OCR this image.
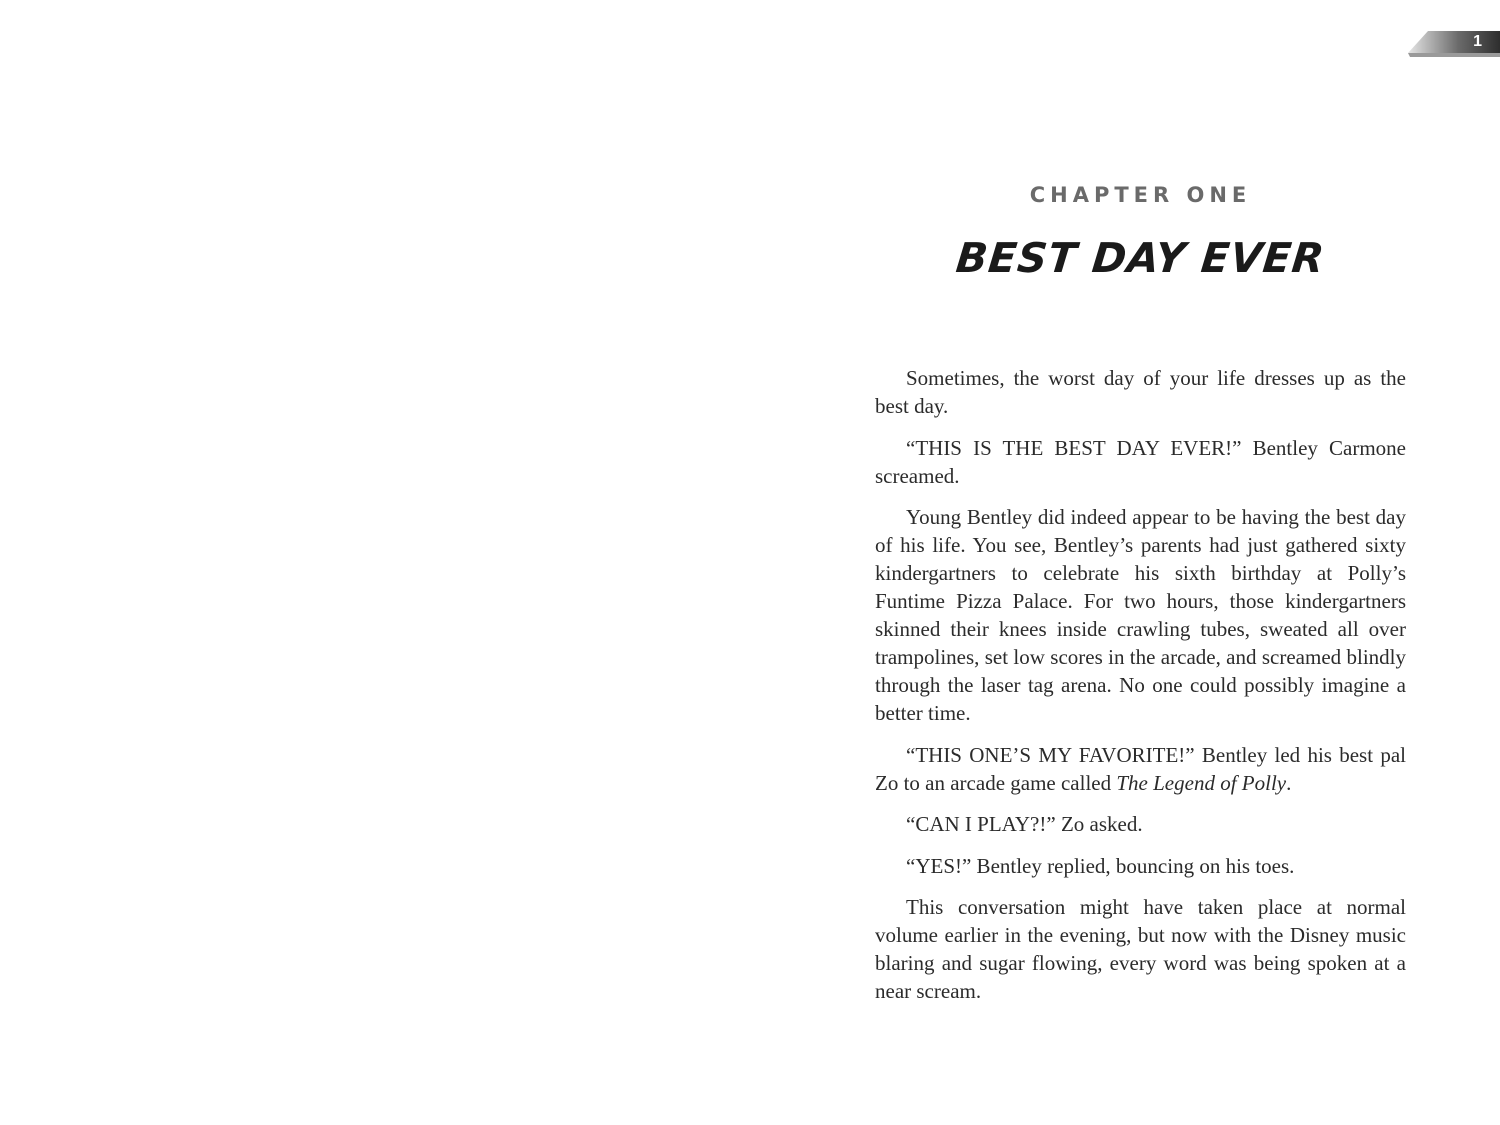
1
CHAPTER ONE
BEST DAY EVER

Sometimes, the worst day of your life dresses up as the best day.

“THIS IS THE BEST DAY EVER!” Bentley Carmone screamed.

Young Bentley did indeed appear to be having the best day of his life. You see, Bentley’s parents had just gathered sixty kindergartners to celebrate his sixth birthday at Polly’s Funtime Pizza Palace. For two hours, those kindergartners skinned their knees inside crawling tubes, sweated all over trampolines, set low scores in the arcade, and screamed blindly through the laser tag arena. No one could possibly imagine a better time.

“THIS ONE’S MY FAVORITE!” Bentley led his best pal Zo to an arcade game called The Legend of Polly.

“CAN I PLAY?!” Zo asked.

“YES!” Bentley replied, bouncing on his toes.

This conversation might have taken place at normal volume earlier in the evening, but now with the Disney music blaring and sugar flowing, every word was being spoken at a near scream.
